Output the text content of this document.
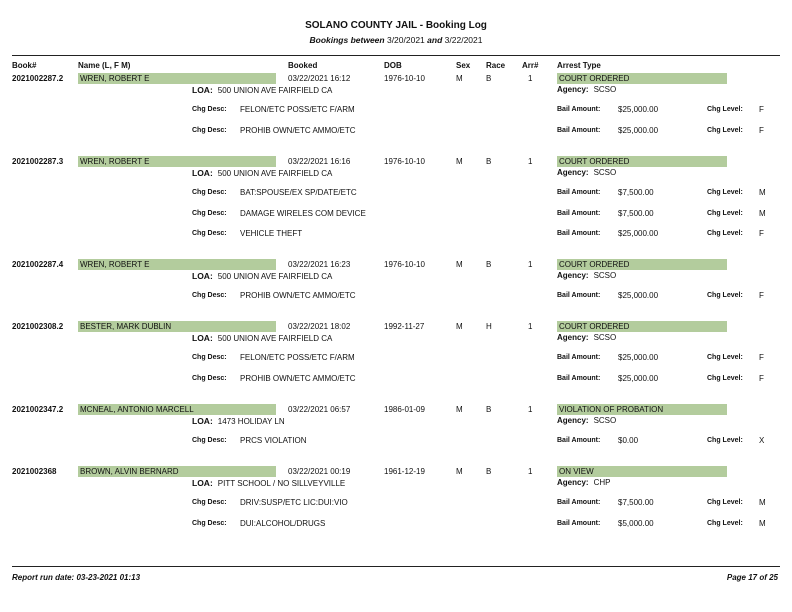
SOLANO COUNTY JAIL - Booking Log
Bookings between 3/20/2021 and 3/22/2021
Book#	Name (L, F M)	Booked	DOB	Sex Race Arr# Arrest Type
2021002287.2 WREN, ROBERT E	03/22/2021 16:12	1976-10-10	M	B	1	COURT ORDERED
LOA: 500 UNION AVE FAIRFIELD CA	Agency: SCSO
Chg Desc: FELON/ETC POSS/ETC F/ARM	Bail Amount: $25,000.00	Chg Level: F
Chg Desc: PROHIB OWN/ETC AMMO/ETC	Bail Amount: $25,000.00	Chg Level: F
2021002287.3 WREN, ROBERT E	03/22/2021 16:16	1976-10-10	M	B	1	COURT ORDERED
LOA: 500 UNION AVE FAIRFIELD CA	Agency: SCSO
Chg Desc: BAT:SPOUSE/EX SP/DATE/ETC	Bail Amount: $7,500.00	Chg Level: M
Chg Desc: DAMAGE WIRELES COM DEVICE	Bail Amount: $7,500.00	Chg Level: M
Chg Desc: VEHICLE THEFT	Bail Amount: $25,000.00	Chg Level: F
2021002287.4 WREN, ROBERT E	03/22/2021 16:23	1976-10-10	M	B	1	COURT ORDERED
LOA: 500 UNION AVE FAIRFIELD CA	Agency: SCSO
Chg Desc: PROHIB OWN/ETC AMMO/ETC	Bail Amount: $25,000.00	Chg Level: F
2021002308.2 BESTER, MARK DUBLIN	03/22/2021 18:02	1992-11-27	M	H	1	COURT ORDERED
LOA: 500 UNION AVE FAIRFIELD CA	Agency: SCSO
Chg Desc: FELON/ETC POSS/ETC F/ARM	Bail Amount: $25,000.00	Chg Level: F
Chg Desc: PROHIB OWN/ETC AMMO/ETC	Bail Amount: $25,000.00	Chg Level: F
2021002347.2 MCNEAL, ANTONIO MARCELL	03/22/2021 06:57	1986-01-09	M	B	1	VIOLATION OF PROBATION
LOA: 1473 HOLIDAY LN	Agency: SCSO
Chg Desc: PRCS VIOLATION	Bail Amount: $0.00	Chg Level: X
2021002368	BROWN, ALVIN BERNARD	03/22/2021 00:19	1961-12-19	M	B	1	ON VIEW
LOA: PITT SCHOOL / NO SILLVEYVILLE	Agency: CHP
Chg Desc: DRIV:SUSP/ETC LIC:DUI:VIO	Bail Amount: $7,500.00	Chg Level: M
Chg Desc: DUI:ALCOHOL/DRUGS	Bail Amount: $5,000.00	Chg Level: M
Report run date: 03-23-2021 01:13	Page 17 of 25
